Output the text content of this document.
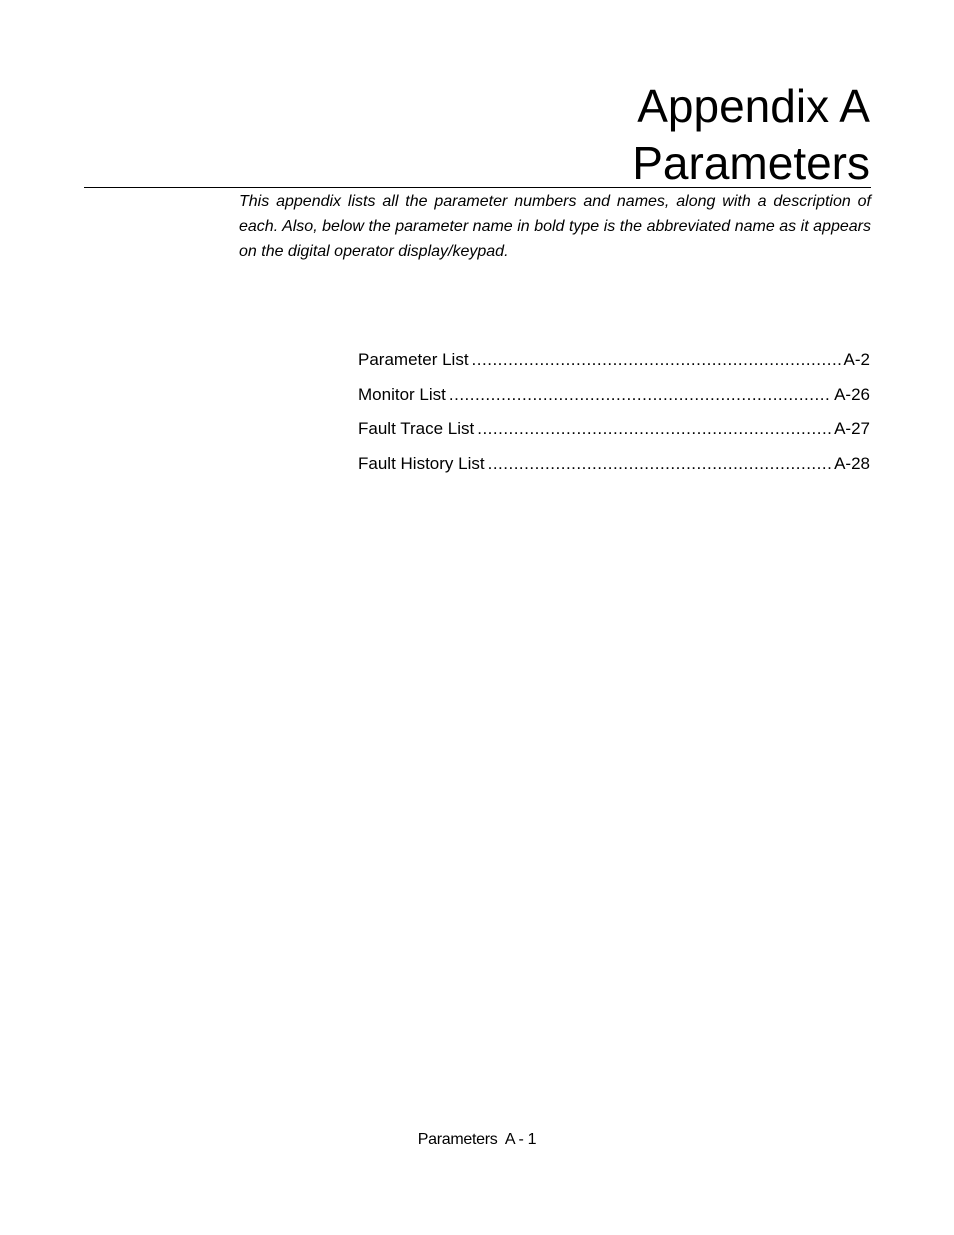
Appendix A
Parameters

This appendix lists all the parameter numbers and names, along with a description of each. Also, below the parameter name in bold type is the abbreviated name as it appears on the digital operator display/keypad.

Parameter List .....	A-2
Monitor List .....	A-26
Fault Trace List .....	A-27
Fault History List .....	A-28
Parameters  A - 1
